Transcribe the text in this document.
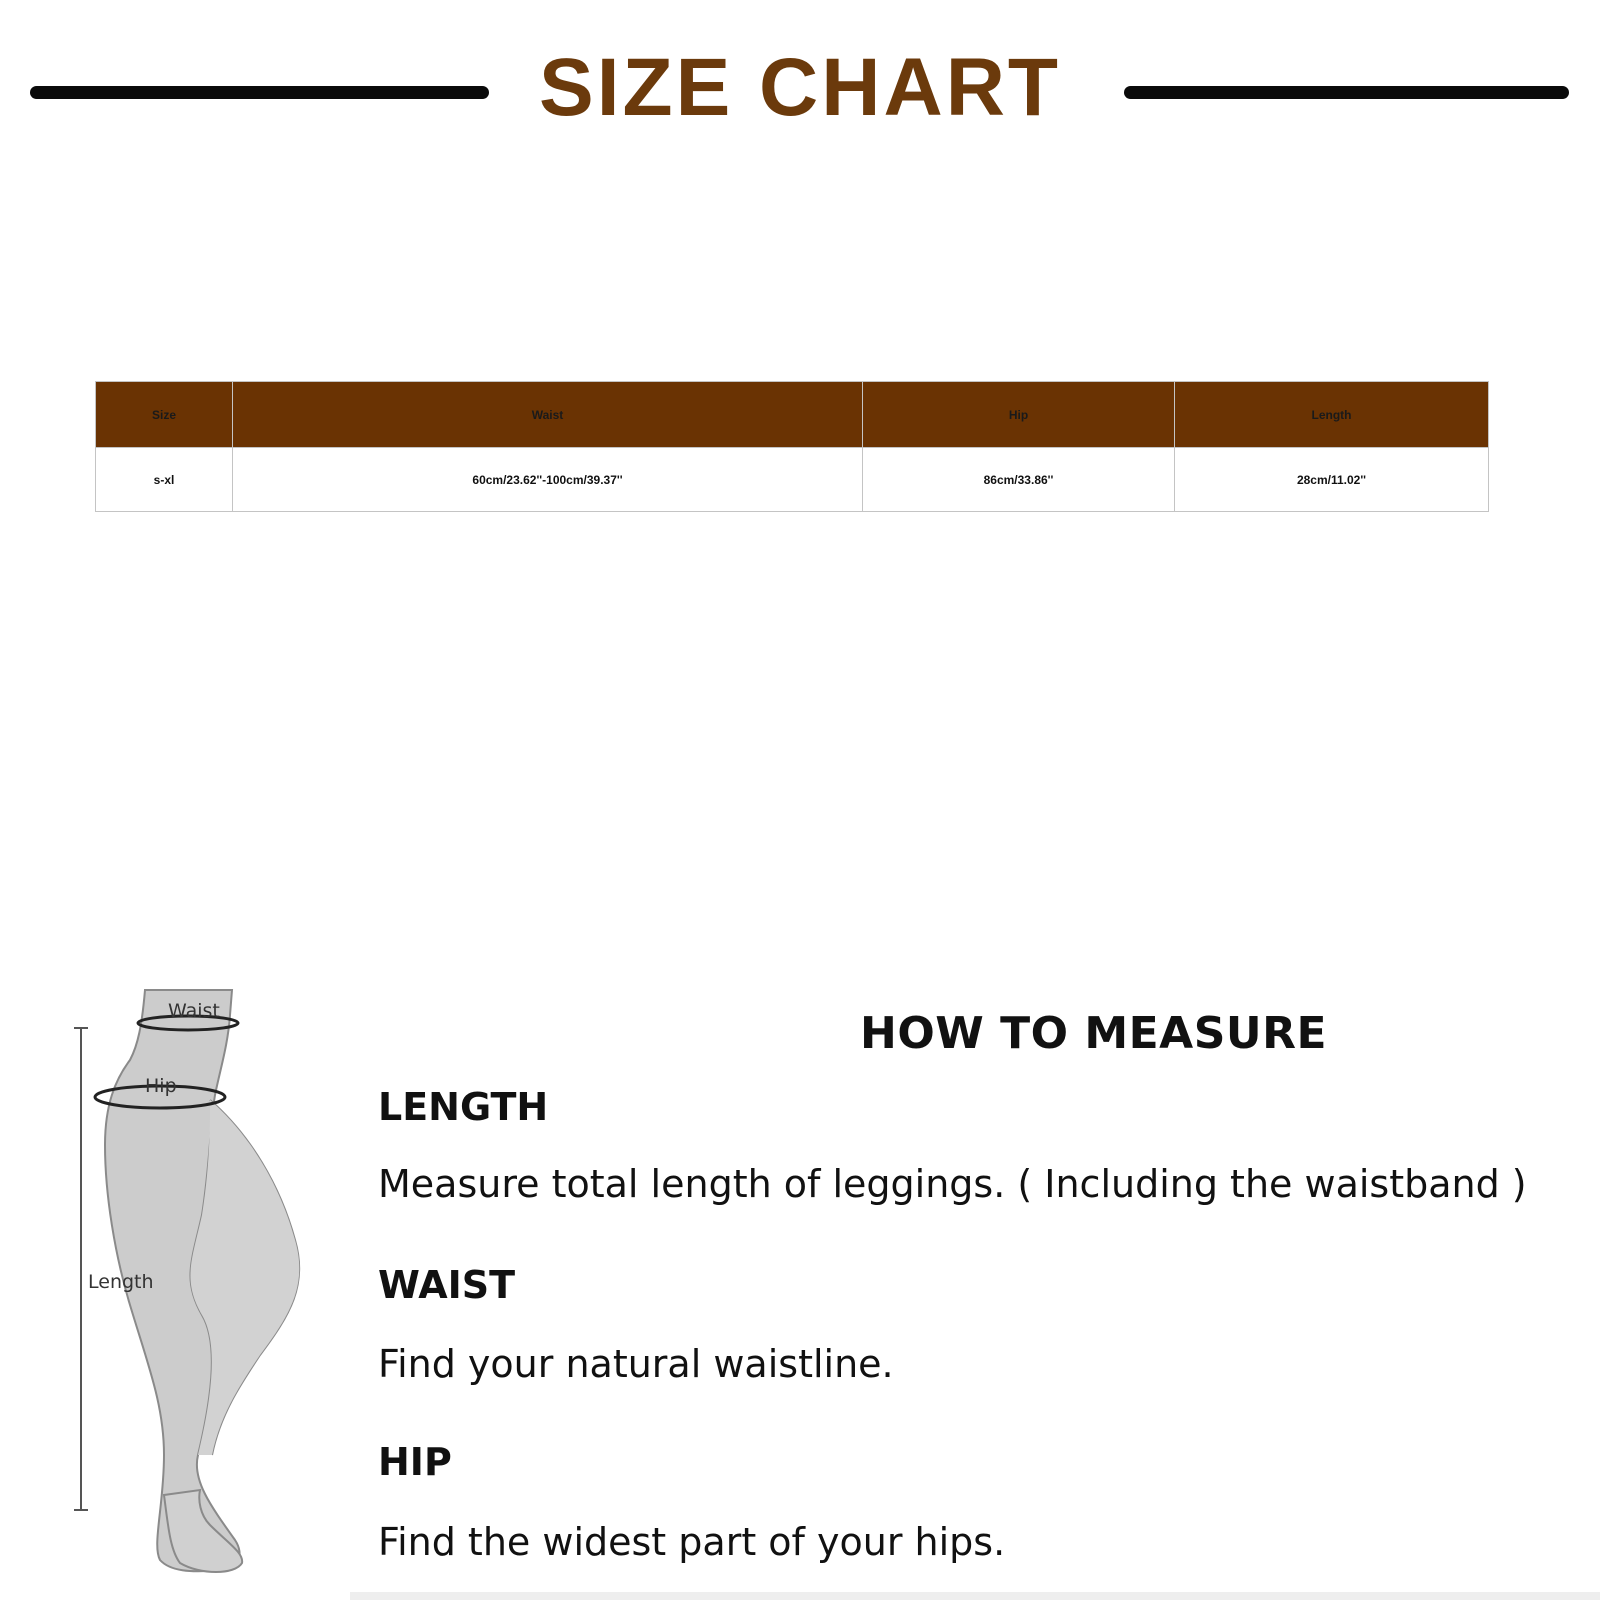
SIZE CHART
Size	Waist	Hip	Length
s-xl	60cm/23.62''-100cm/39.37''	86cm/33.86''	28cm/11.02''
Waist
Hip
Length
HOW TO MEASURE
LENGTH
Measure total length of leggings. ( Including the waistband )
WAIST
Find your natural waistline.
HIP
Find the widest part of your hips.
